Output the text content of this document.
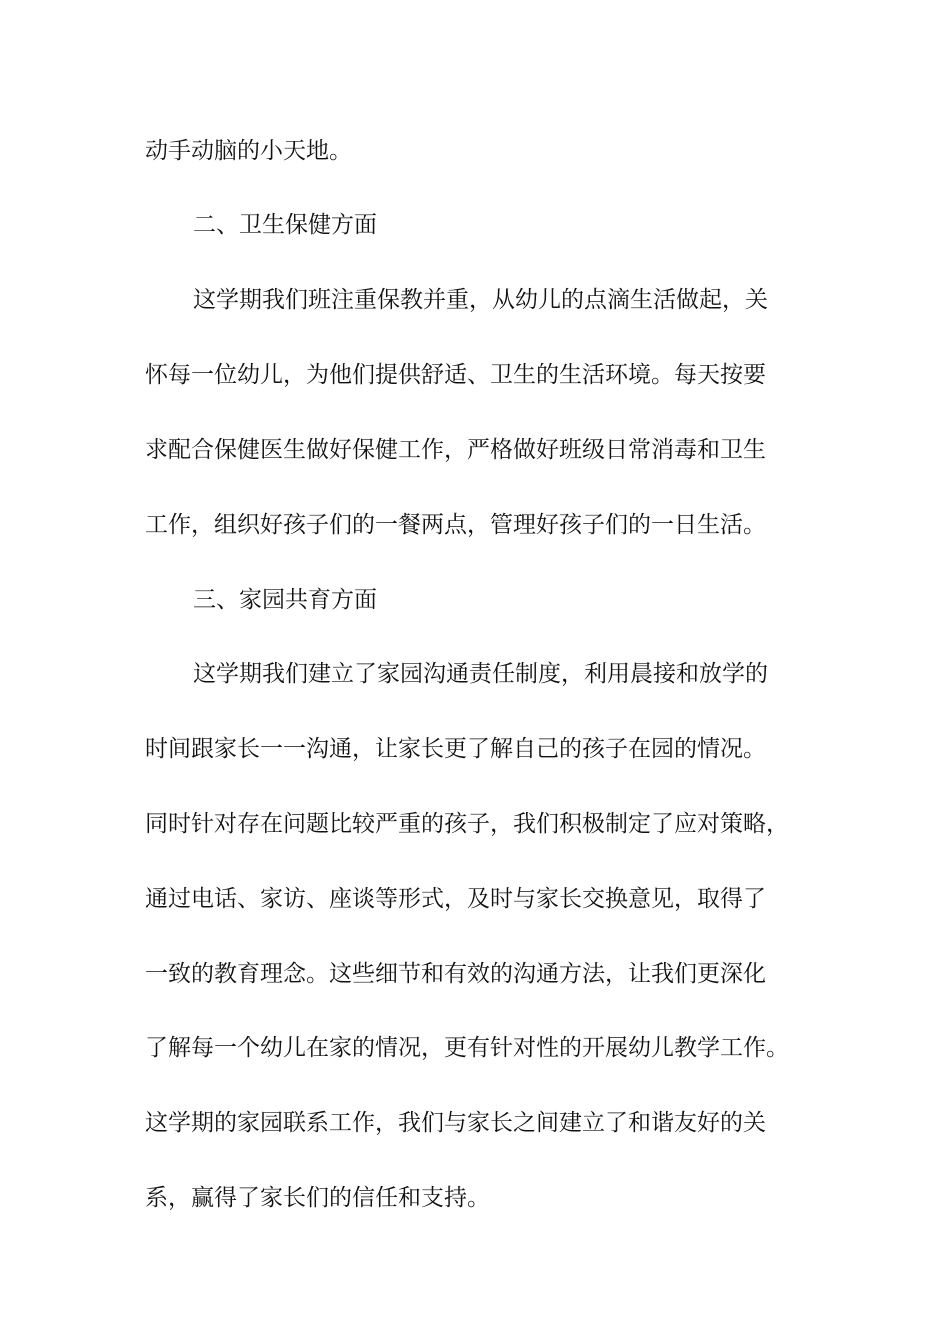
动手动脑的小天地。
二、卫生保健方面
这学期我们班注重保教并重，从幼儿的点滴生活做起，关
怀每一位幼儿，为他们提供舒适、卫生的生活环境。每天按要
求配合保健医生做好保健工作，严格做好班级日常消毒和卫生
工作，组织好孩子们的一餐两点，管理好孩子们的一日生活。
三、家园共育方面
这学期我们建立了家园沟通责任制度，利用晨接和放学的
时间跟家长一一沟通，让家长更了解自己的孩子在园的情况。
同时针对存在问题比较严重的孩子，我们积极制定了应对策略，
通过电话、家访、座谈等形式，及时与家长交换意见，取得了
一致的教育理念。这些细节和有效的沟通方法，让我们更深化
了解每一个幼儿在家的情况，更有针对性的开展幼儿教学工作。
这学期的家园联系工作，我们与家长之间建立了和谐友好的关
系，赢得了家长们的信任和支持。
